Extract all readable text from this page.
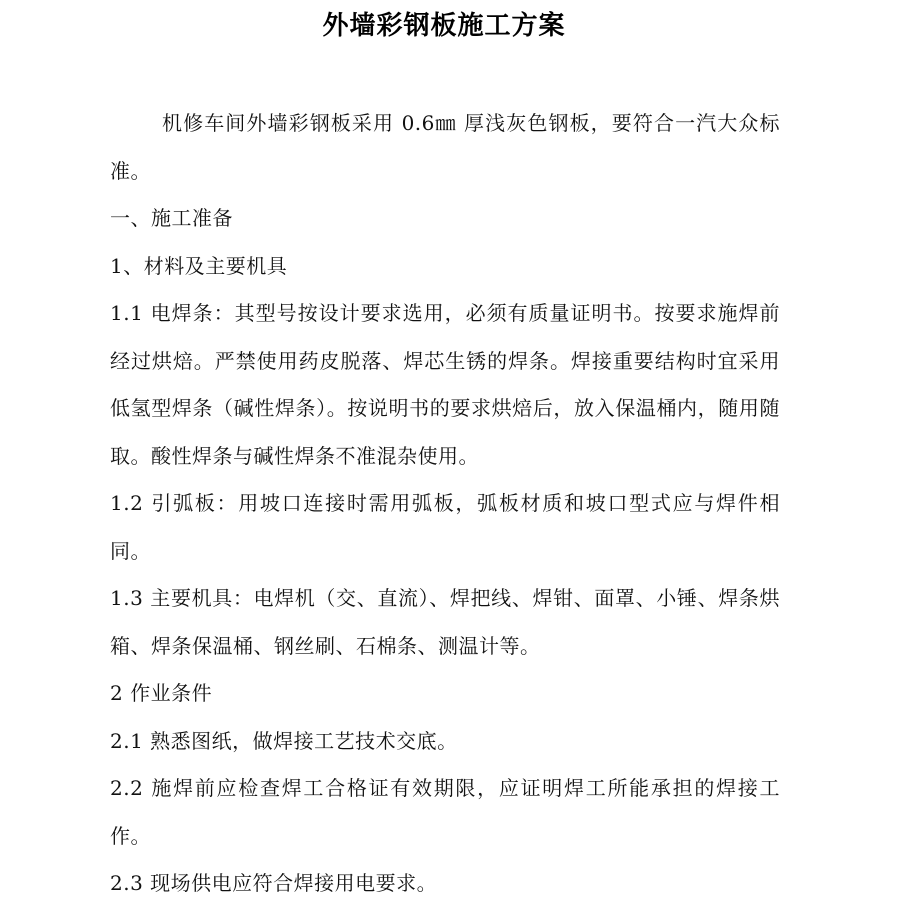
外墙彩钢板施工方案

机修车间外墙彩钢板采用 0.6㎜ 厚浅灰色钢板，要符合一汽大众标准。

一、施工准备

1、材料及主要机具

1.1 电焊条：其型号按设计要求选用，必须有质量证明书。按要求施焊前经过烘焙。严禁使用药皮脱落、焊芯生锈的焊条。焊接重要结构时宜采用低氢型焊条（碱性焊条）。按说明书的要求烘焙后，放入保温桶内，随用随取。酸性焊条与碱性焊条不准混杂使用。

1.2 引弧板：用坡口连接时需用弧板，弧板材质和坡口型式应与焊件相同。

1.3 主要机具：电焊机（交、直流）、焊把线、焊钳、面罩、小锤、焊条烘箱、焊条保温桶、钢丝刷、石棉条、测温计等。

2 作业条件

2.1 熟悉图纸，做焊接工艺技术交底。

2.2 施焊前应检查焊工合格证有效期限，应证明焊工所能承担的焊接工作。

2.3 现场供电应符合焊接用电要求。
